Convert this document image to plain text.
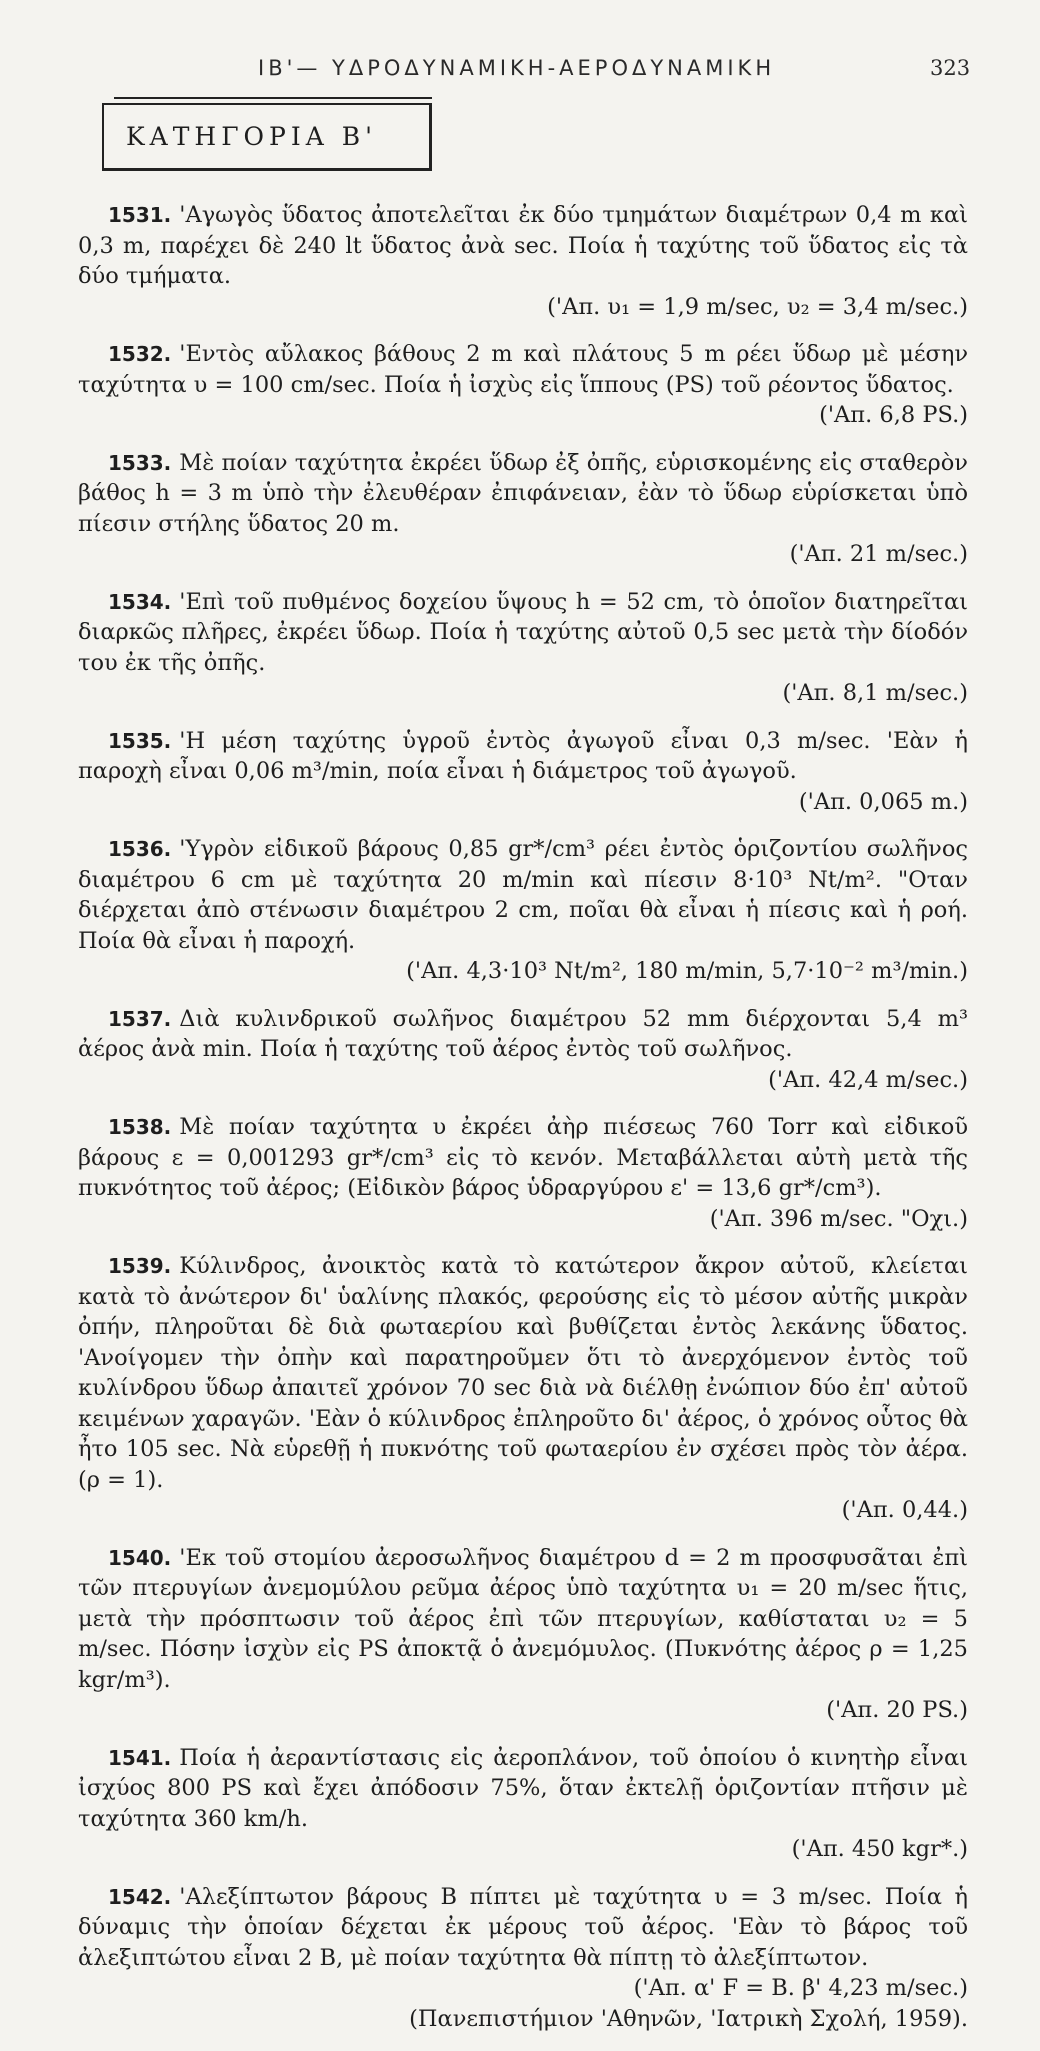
ΙΒ'— ΥΔΡΟΔΥΝΑΜΙΚΗ-ΑΕΡΟΔΥΝΑΜΙΚΗ	323
ΚΑΤΗΓΟΡΙΑ Β'

1531. 'Αγωγὸς ὕδατος ἀποτελεῖται ἐκ δύο τμημάτων διαμέτρων 0,4 m καὶ 0,3 m, παρέχει δὲ 240 lt ὕδατος ἀνὰ sec. Ποία ἡ ταχύτης τοῦ ὕδατος εἰς τὰ δύο τμήματα.
('Απ. υ₁ = 1,9 m/sec, υ₂ = 3,4 m/sec.)

1532. 'Εντὸς αὔλακος βάθους 2 m καὶ πλάτους 5 m ρέει ὕδωρ μὲ μέσην ταχύτητα υ = 100 cm/sec. Ποία ἡ ἰσχὺς εἰς ἵππους (PS) τοῦ ρέοντος ὕδατος.
('Απ. 6,8 PS.)

1533. Μὲ ποίαν ταχύτητα ἐκρέει ὕδωρ ἐξ ὀπῆς, εὑρισκομένης εἰς σταθερὸν βάθος h = 3 m ὑπὸ τὴν ἐλευθέραν ἐπιφάνειαν, ἐὰν τὸ ὕδωρ εὑρίσκεται ὑπὸ πίεσιν στήλης ὕδατος 20 m.
('Απ. 21 m/sec.)

1534. 'Επὶ τοῦ πυθμένος δοχείου ὕψους h = 52 cm, τὸ ὁποῖον διατηρεῖται διαρκῶς πλῆρες, ἐκρέει ὕδωρ. Ποία ἡ ταχύτης αὐτοῦ 0,5 sec μετὰ τὴν δίοδόν του ἐκ τῆς ὀπῆς.
('Απ. 8,1 m/sec.)

1535. 'Η μέση ταχύτης ὑγροῦ ἐντὸς ἀγωγοῦ εἶναι 0,3 m/sec. 'Εὰν ἡ παροχὴ εἶναι 0,06 m³/min, ποία εἶναι ἡ διάμετρος τοῦ ἀγωγοῦ.
('Απ. 0,065 m.)

1536. 'Υγρὸν εἰδικοῦ βάρους 0,85 gr*/cm³ ρέει ἐντὸς ὁριζοντίου σωλῆνος διαμέτρου 6 cm μὲ ταχύτητα 20 m/min καὶ πίεσιν 8·10³ Nt/m². "Οταν διέρχεται ἀπὸ στένωσιν διαμέτρου 2 cm, ποῖαι θὰ εἶναι ἡ πίεσις καὶ ἡ ροή. Ποία θὰ εἶναι ἡ παροχή.
('Απ. 4,3·10³ Nt/m², 180 m/min, 5,7·10⁻² m³/min.)

1537. Διὰ κυλινδρικοῦ σωλῆνος διαμέτρου 52 mm διέρχονται 5,4 m³ ἀέρος ἀνὰ min. Ποία ἡ ταχύτης τοῦ ἀέρος ἐντὸς τοῦ σωλῆνος.
('Απ. 42,4 m/sec.)

1538. Μὲ ποίαν ταχύτητα υ ἐκρέει ἀὴρ πιέσεως 760 Torr καὶ εἰδικοῦ βάρους ε = 0,001293 gr*/cm³ εἰς τὸ κενόν. Μεταβάλλεται αὐτὴ μετὰ τῆς πυκνότητος τοῦ ἀέρος; (Εἰδικὸν βάρος ὑδραργύρου ε' = 13,6 gr*/cm³).
('Απ. 396 m/sec. "Οχι.)

1539. Κύλινδρος, ἀνοικτὸς κατὰ τὸ κατώτερον ἄκρον αὐτοῦ, κλείεται κατὰ τὸ ἀνώτερον δι' ὑαλίνης πλακός, φερούσης εἰς τὸ μέσον αὐτῆς μικρὰν ὀπήν, πληροῦται δὲ διὰ φωταερίου καὶ βυθίζεται ἐντὸς λεκάνης ὕδατος. 'Ανοίγομεν τὴν ὀπὴν καὶ παρατηροῦμεν ὅτι τὸ ἀνερχόμενον ἐντὸς τοῦ κυλίνδρου ὕδωρ ἀπαιτεῖ χρόνον 70 sec διὰ νὰ διέλθῃ ἐνώπιον δύο ἐπ' αὐτοῦ κειμένων χαραγῶν. 'Εὰν ὁ κύλινδρος ἐπληροῦτο δι' ἀέρος, ὁ χρόνος οὗτος θὰ ἦτο 105 sec. Νὰ εὑρεθῇ ἡ πυκνότης τοῦ φωταερίου ἐν σχέσει πρὸς τὸν ἀέρα. (ρ = 1).
('Απ. 0,44.)

1540. 'Εκ τοῦ στομίου ἀεροσωλῆνος διαμέτρου d = 2 m προσφυσᾶται ἐπὶ τῶν πτερυγίων ἀνεμομύλου ρεῦμα ἀέρος ὑπὸ ταχύτητα υ₁ = 20 m/sec ἥτις, μετὰ τὴν πρόσπτωσιν τοῦ ἀέρος ἐπὶ τῶν πτερυγίων, καθίσταται υ₂ = 5 m/sec. Πόσην ἰσχὺν εἰς PS ἀποκτᾷ ὁ ἀνεμόμυλος. (Πυκνότης ἀέρος ρ = 1,25 kgr/m³).
('Απ. 20 PS.)

1541. Ποία ἡ ἀεραντίστασις εἰς ἀεροπλάνον, τοῦ ὁποίου ὁ κινητὴρ εἶναι ἰσχύος 800 PS καὶ ἔχει ἀπόδοσιν 75%, ὅταν ἐκτελῇ ὁριζοντίαν πτῆσιν μὲ ταχύτητα 360 km/h.
('Απ. 450 kgr*.)

1542. 'Αλεξίπτωτον βάρους Β πίπτει μὲ ταχύτητα υ = 3 m/sec. Ποία ἡ δύναμις τὴν ὁποίαν δέχεται ἐκ μέρους τοῦ ἀέρος. 'Εὰν τὸ βάρος τοῦ ἀλεξιπτώτου εἶναι 2 Β, μὲ ποίαν ταχύτητα θὰ πίπτῃ τὸ ἀλεξίπτωτον.
('Απ. α' F = Β. β' 4,23 m/sec.)
(Πανεπιστήμιον 'Αθηνῶν, 'Ιατρικὴ Σχολή, 1959).
